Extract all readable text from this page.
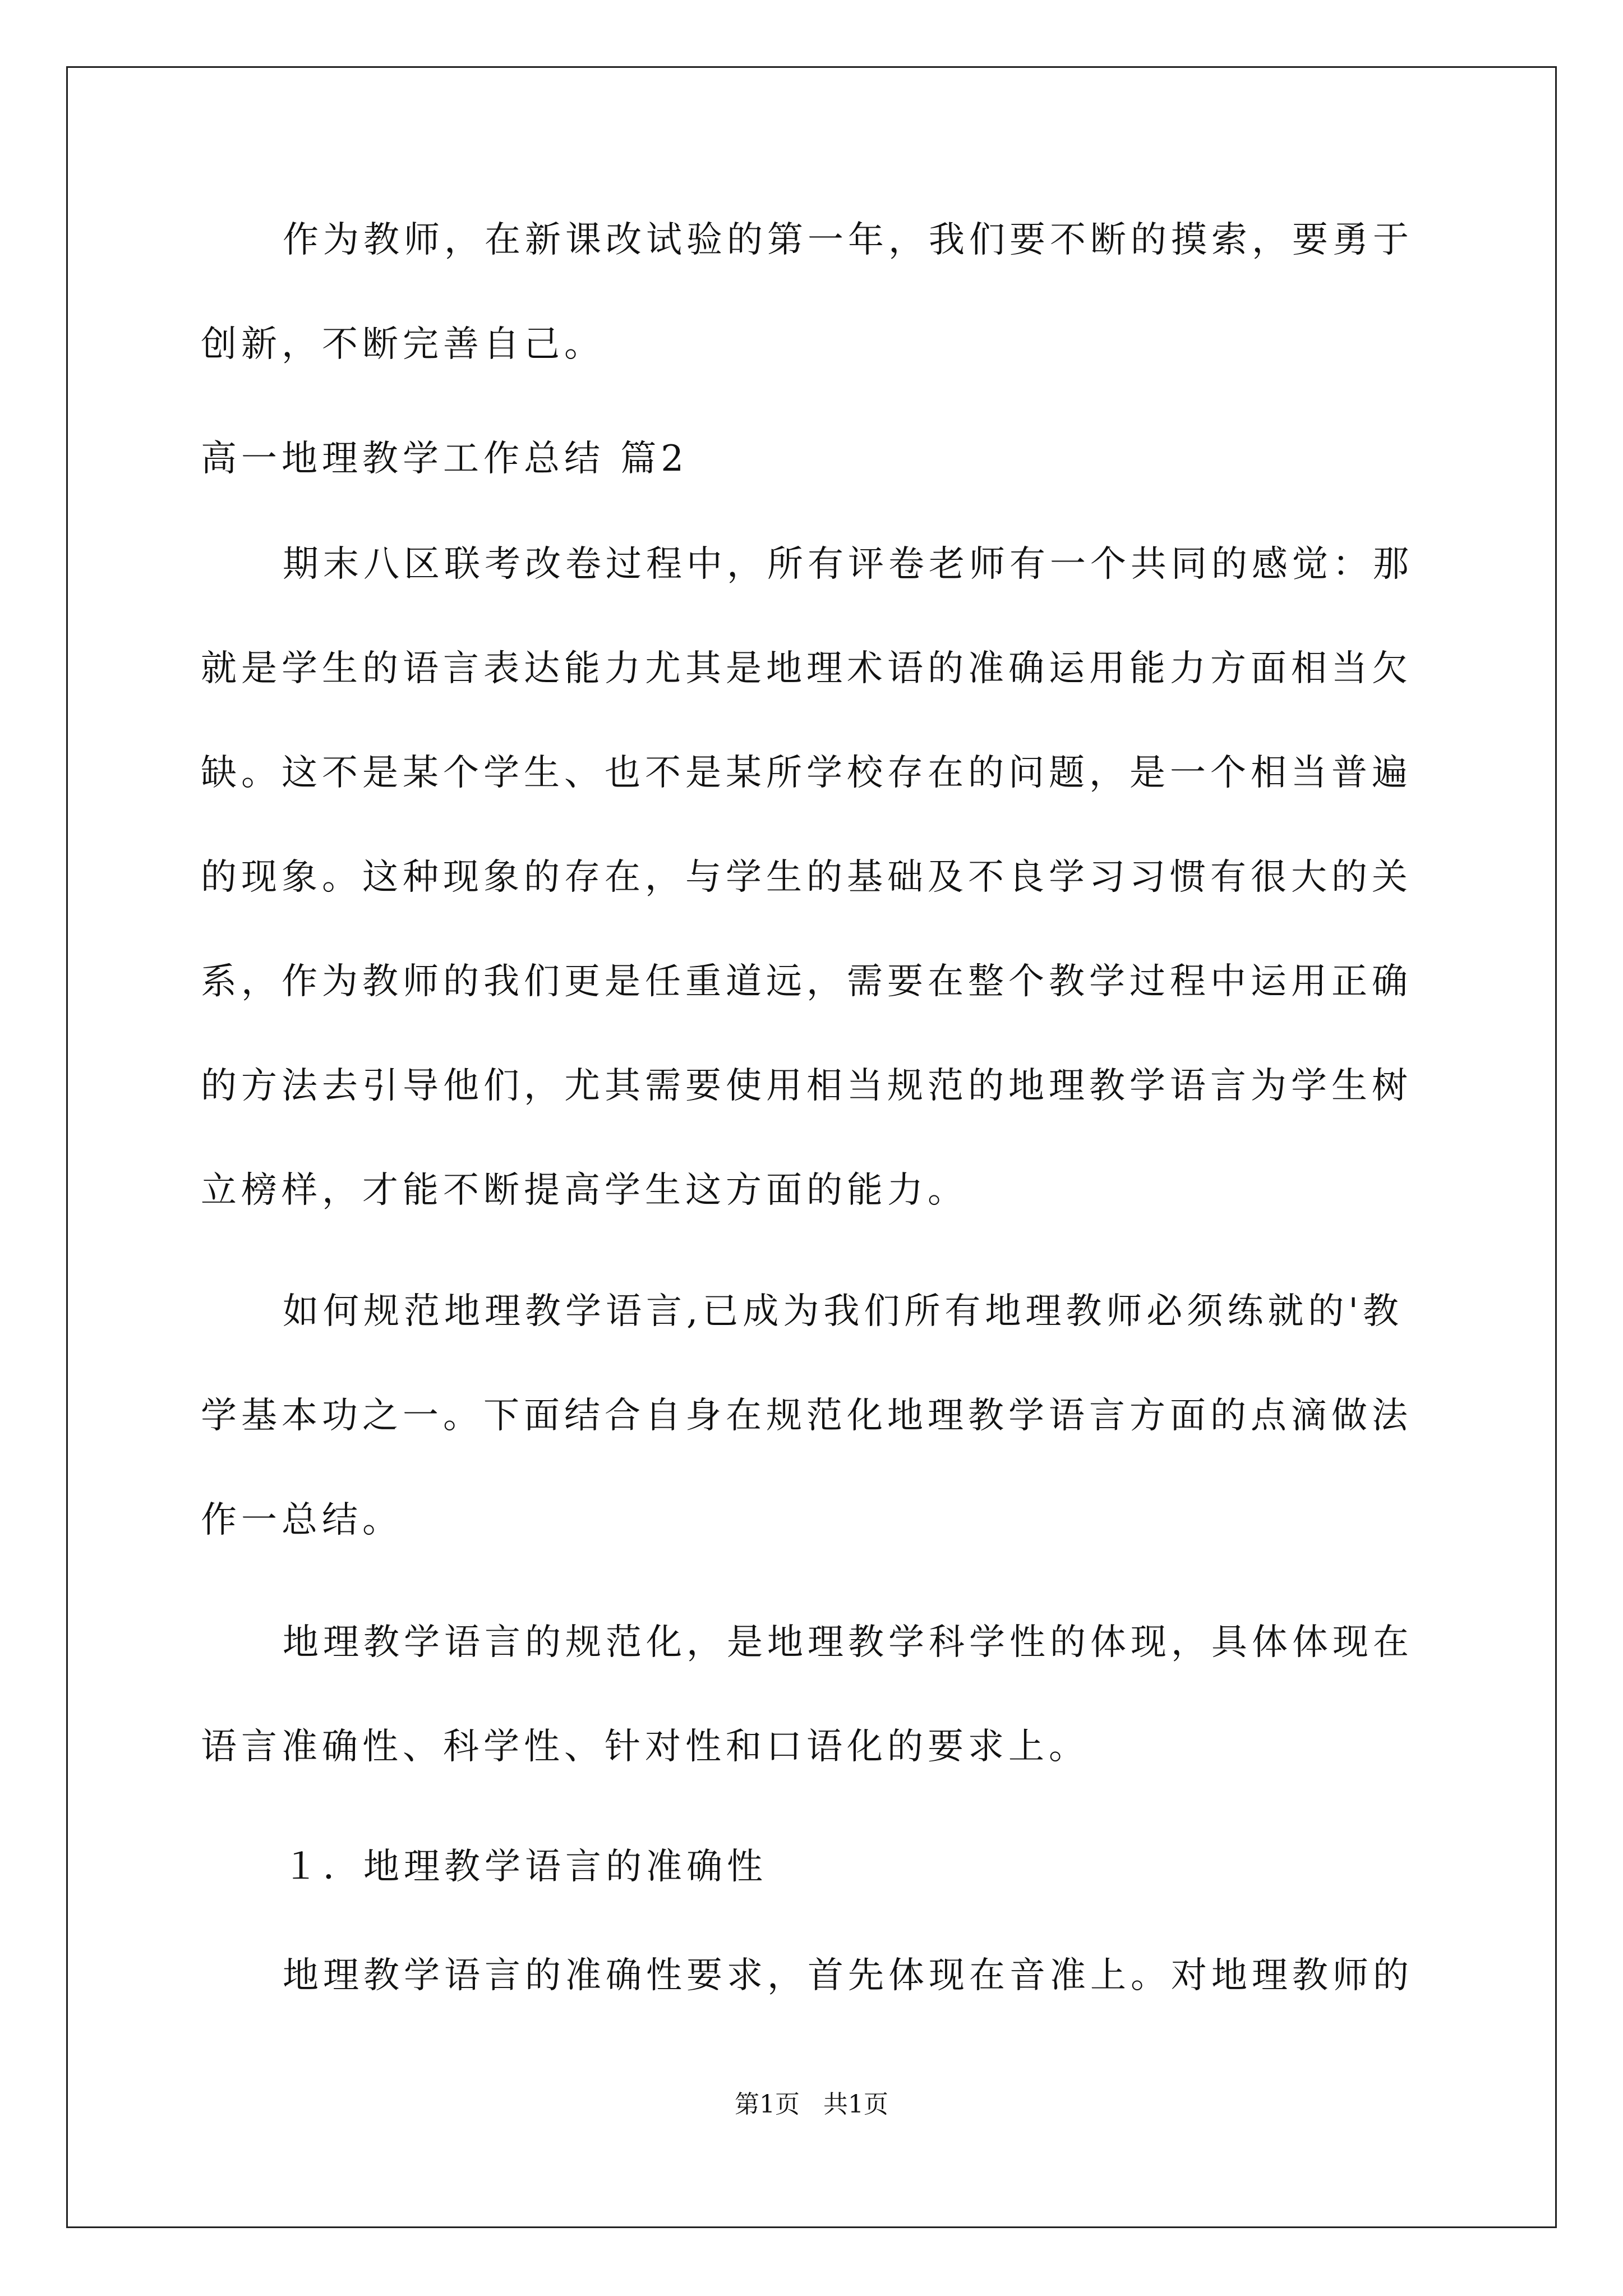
作为教师，在新课改试验的第一年，我们要不断的摸索，要勇于
创新，不断完善自己。
高一地理教学工作总结 篇2
期末八区联考改卷过程中，所有评卷老师有一个共同的感觉：那
就是学生的语言表达能力尤其是地理术语的准确运用能力方面相当欠
缺。这不是某个学生、也不是某所学校存在的问题，是一个相当普遍
的现象。这种现象的存在，与学生的基础及不良学习习惯有很大的关
系，作为教师的我们更是任重道远，需要在整个教学过程中运用正确
的方法去引导他们，尤其需要使用相当规范的地理教学语言为学生树
立榜样，才能不断提高学生这方面的能力。
如何规范地理教学语言,已成为我们所有地理教师必须练就的'教
学基本功之一。下面结合自身在规范化地理教学语言方面的点滴做法
作一总结。
地理教学语言的规范化，是地理教学科学性的体现，具体体现在
语言准确性、科学性、针对性和口语化的要求上。
１．地理教学语言的准确性
地理教学语言的准确性要求，首先体现在音准上。对地理教师的
第1页   共1页
